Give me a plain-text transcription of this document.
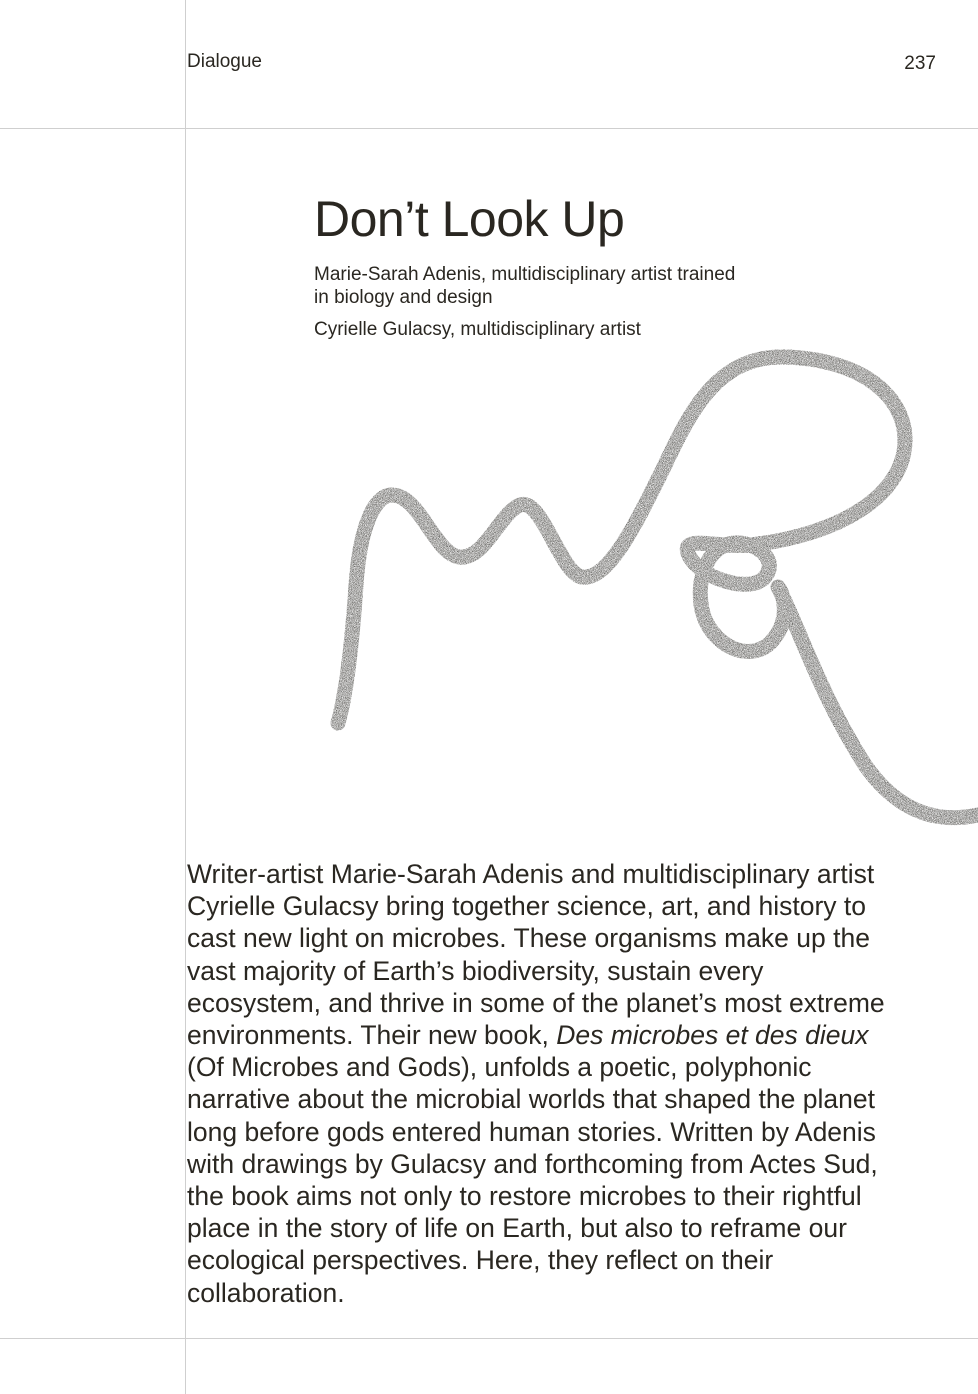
Dialogue	237
Don’t Look Up
Marie-Sarah Adenis, multidisciplinary artist trained
in biology and design
Cyrielle Gulacsy, multidisciplinary artist

Writer-artist Marie-Sarah Adenis and multidisciplinary artist Cyrielle Gulacsy bring together science, art, and history to cast new light on microbes. These organisms make up the vast majority of Earth’s biodiversity, sustain every ecosystem, and thrive in some of the planet’s most extreme environments. Their new book, Des microbes et des dieux (Of Microbes and Gods), unfolds a poetic, polyphonic narrative about the microbial worlds that shaped the planet long before gods entered human stories. Written by Adenis with drawings by Gulacsy and forthcoming from Actes Sud, the book aims not only to restore microbes to their rightful place in the story of life on Earth, but also to reframe our ecological perspectives. Here, they reflect on their collaboration.
